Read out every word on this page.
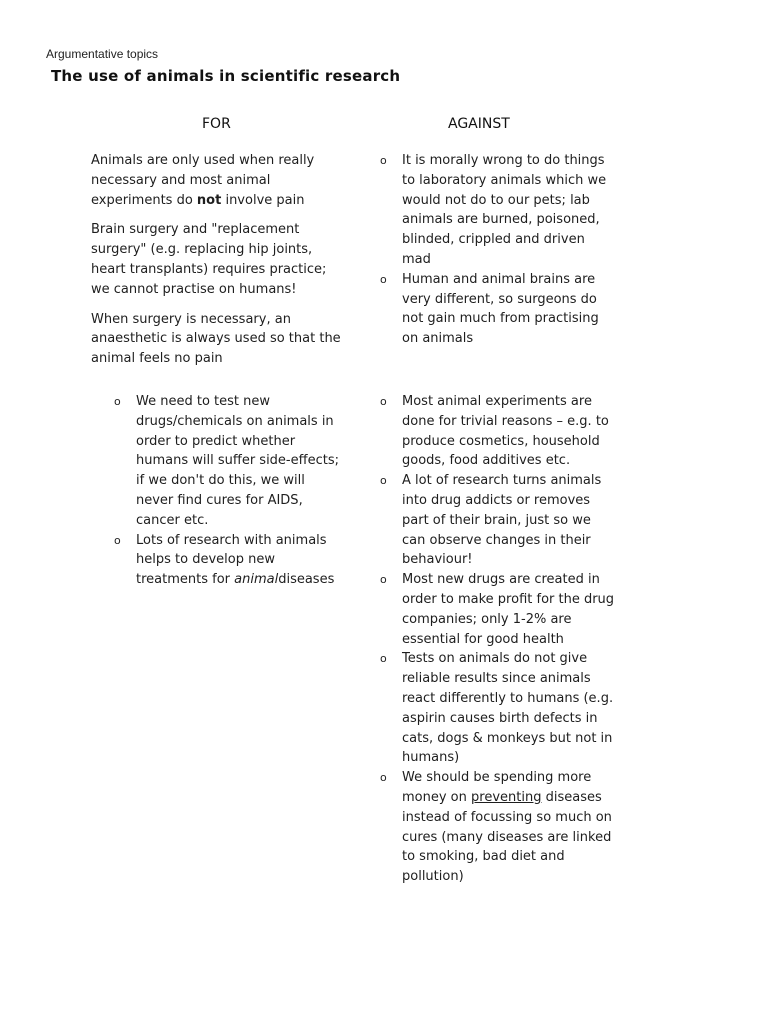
Argumentative topics
The use of animals in scientific research
FOR	AGAINST

Animals are only used when really necessary and most animal experiments do not involve pain

Brain surgery and "replacement surgery" (e.g. replacing hip joints, heart transplants) requires practice; we cannot practise on humans!

When surgery is necessary, an anaesthetic is always used so that the animal feels no pain

o We need to test new drugs/chemicals on animals in order to predict whether humans will suffer side-effects; if we don't do this, we will never find cures for AIDS, cancer etc.
o Lots of research with animals helps to develop new treatments for animaldiseases
o It is morally wrong to do things to laboratory animals which we would not do to our pets; lab animals are burned, poisoned, blinded, crippled and driven mad
o Human and animal brains are very different, so surgeons do not gain much from practising on animals
o Most animal experiments are done for trivial reasons – e.g. to produce cosmetics, household goods, food additives etc.
o A lot of research turns animals into drug addicts or removes part of their brain, just so we can observe changes in their behaviour!
o Most new drugs are created in order to make profit for the drug companies; only 1-2% are essential for good health
o Tests on animals do not give reliable results since animals react differently to humans (e.g. aspirin causes birth defects in cats, dogs & monkeys but not in humans)
o We should be spending more money on preventing diseases instead of focussing so much on cures (many diseases are linked to smoking, bad diet and pollution)
